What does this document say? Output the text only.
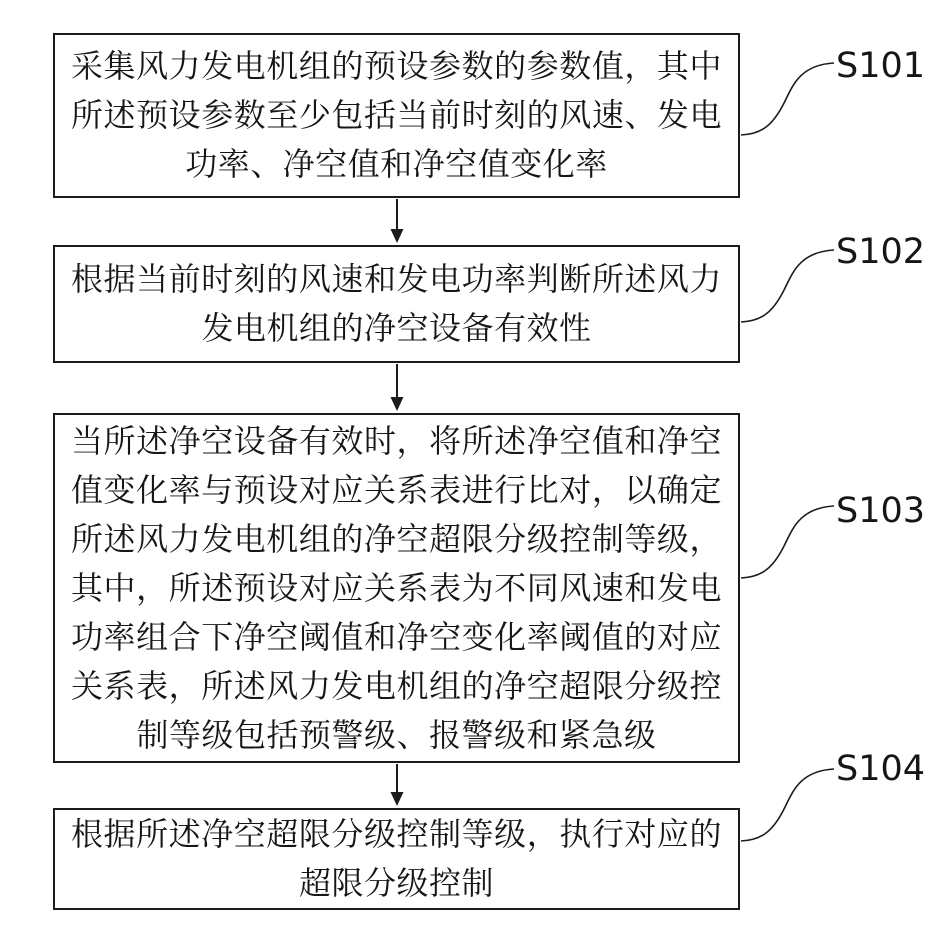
采集风力发电机组的预设参数的参数值，其中所述预设参数至少包括当前时刻的风速、发电功率、净空值和净空值变化率
根据当前时刻的风速和发电功率判断所述风力发电机组的净空设备有效性
当所述净空设备有效时，将所述净空值和净空值变化率与预设对应关系表进行比对，以确定所述风力发电机组的净空超限分级控制等级，其中，所述预设对应关系表为不同风速和发电功率组合下净空阈值和净空变化率阈值的对应关系表，所述风力发电机组的净空超限分级控制等级包括预警级、报警级和紧急级
根据所述净空超限分级控制等级，执行对应的超限分级控制
S101
S102
S103
S104
